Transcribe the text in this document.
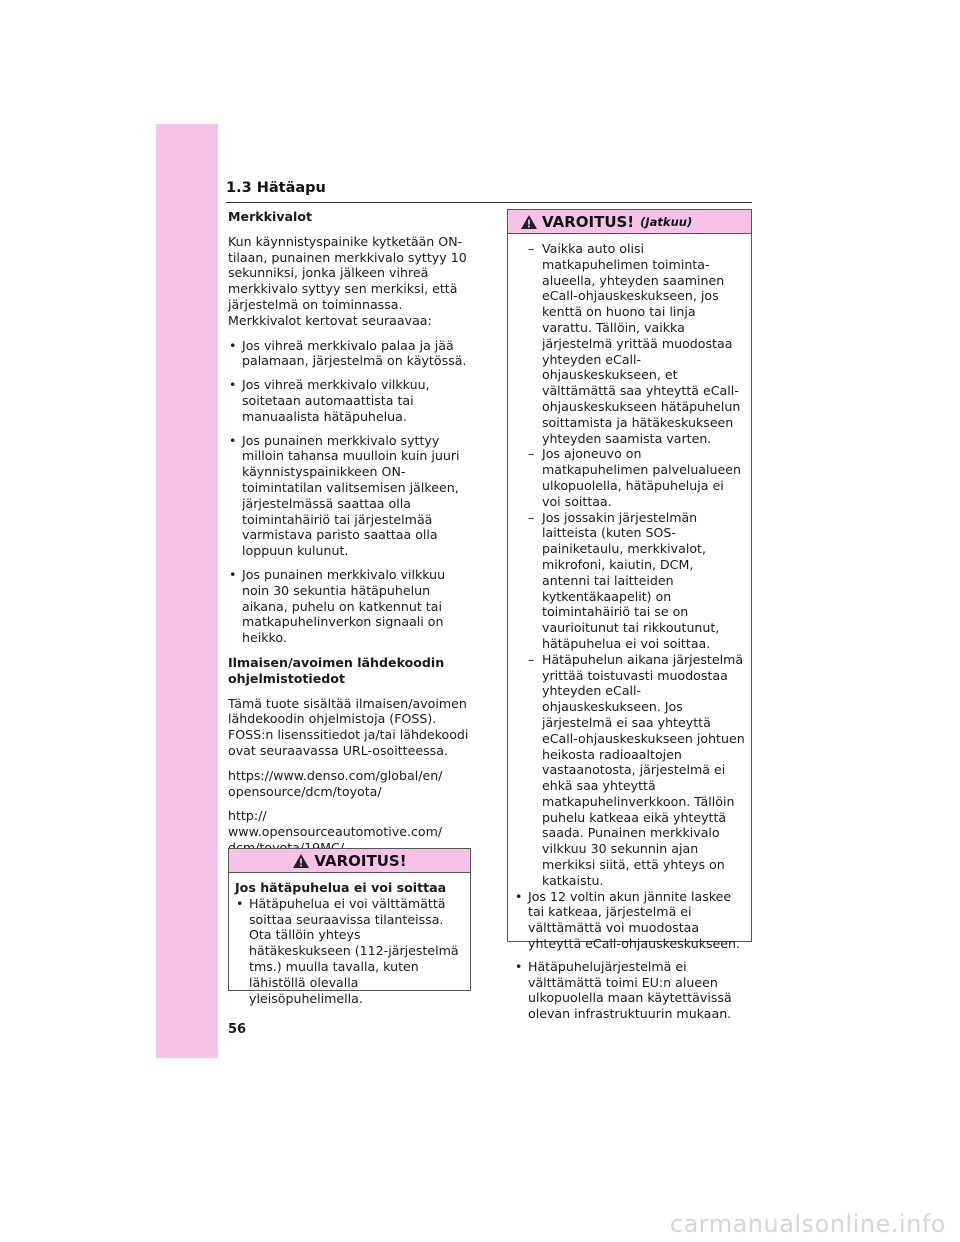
1.3 Hätäapu
Merkkivalot

Kun käynnistyspainike kytketään ON-tilaan, punainen merkkivalo syttyy 10 sekunniksi, jonka jälkeen vihreä merkkivalo syttyy sen merkiksi, että järjestelmä on toiminnassa. Merkkivalot kertovat seuraavaa:

• Jos vihreä merkkivalo palaa ja jää palamaan, järjestelmä on käytössä.
• Jos vihreä merkkivalo vilkkuu, soitetaan automaattista tai manuaalista hätäpuhelua.
• Jos punainen merkkivalo syttyy milloin tahansa muulloin kuin juuri käynnistyspainikkeen ON-toimintatilan valitsemisen jälkeen, järjestelmässä saattaa olla toimintahäiriö tai järjestelmää varmistava paristo saattaa olla loppuun kulunut.
• Jos punainen merkkivalo vilkkuu noin 30 sekuntia hätäpuhelun aikana, puhelu on katkennut tai matkapuhelinverkon signaali on heikko.
Ilmaisen/avoimen lähdekoodin ohjelmistotiedot

Tämä tuote sisältää ilmaisen/avoimen lähdekoodin ohjelmistoja (FOSS). FOSS:n lisenssitiedot ja/tai lähdekoodi ovat seuraavassa URL-osoitteessa.

https://www.denso.com/global/en/ opensource/dcm/toyota/

http:// www.opensourceautomotive.com/

VAROITUS!

Jos hätäpuhelua ei voi soittaa

• Hätäpuhelua ei voi välttämättä soittaa seuraavissa tilanteissa. Ota tällöin yhteys hätäkeskukseen (112-järjestelmä tms.) muulla tavalla, kuten lähistöllä olevalla yleisöpuhelimella.
VAROITUS! (Jatkuu)
– Vaikka auto olisi matkapuhelimen toiminta-alueella, yhteyden saaminen eCall-ohjauskeskukseen, jos kenttä on huono tai linja varattu. Tällöin, vaikka järjestelmä yrittää muodostaa yhteyden eCall-ohjauskeskukseen, et välttämättä saa yhteyttä eCall-ohjauskeskukseen hätäpuhelun soittamista ja hätäkeskukseen yhteyden saamista varten.
– Jos ajoneuvo on matkapuhelimen palvelualueen ulkopuolella, hätäpuheluja ei voi soittaa.
– Jos jossakin järjestelmän laitteista (kuten SOS-painiketaulu, merkkivalot, mikrofoni, kaiutin, DCM, antenni tai laitteiden kytkentäkaapelit) on toimintahäiriö tai se on vaurioitunut tai rikkoutunut, hätäpuhelua ei voi soittaa.
– Hätäpuhelun aikana järjestelmä yrittää toistuvasti muodostaa yhteyden eCall-ohjauskeskukseen. Jos järjestelmä ei saa yhteyttä eCall-ohjauskeskukseen johtuen heikosta radioaaltojen vastaanotosta, järjestelmä ei ehkä saa yhteyttä matkapuhelinverkkoon. Tällöin puhelu katkeaa eikä yhteyttä saada. Punainen merkkivalo vilkkuu 30 sekunnin ajan merkiksi siitä, että yhteys on katkaistu.
• Jos 12 voltin akun jännite laskee tai katkeaa, järjestelmä ei välttämättä voi muodostaa yhteyttä eCall-ohjauskeskukseen.
• Hätäpuhelujärjestelmä ei välttämättä toimi EU:n alueen ulkopuolella maan käytettävissä olevan infrastruktuurin mukaan.
56
carmanualsonline.info
